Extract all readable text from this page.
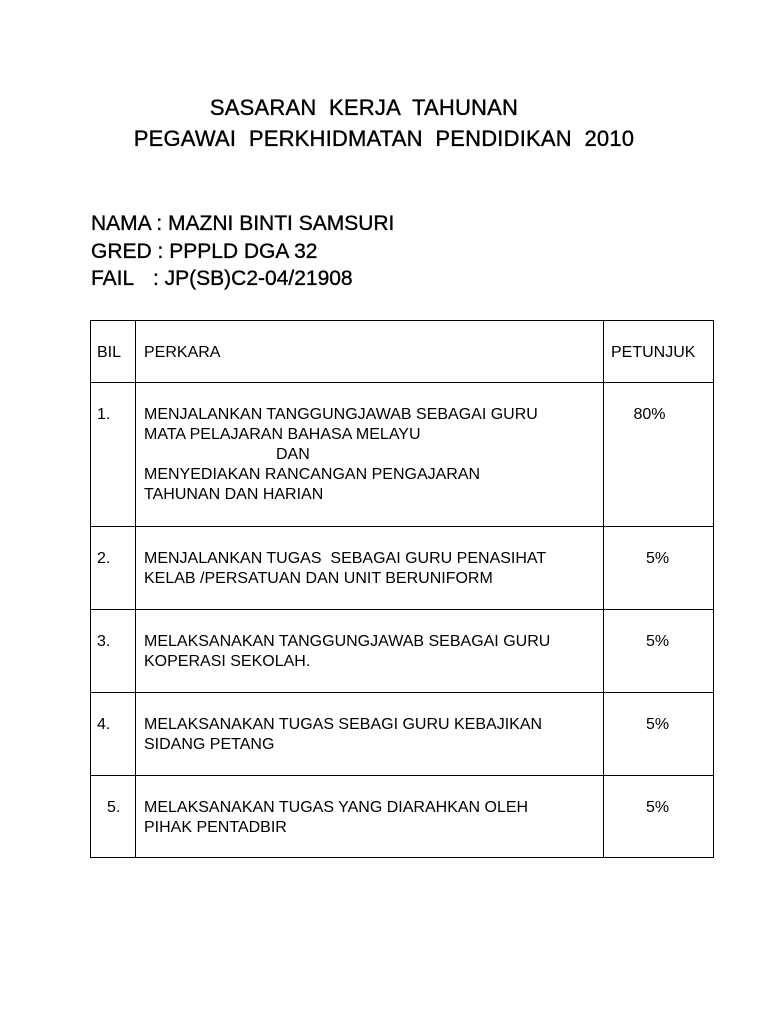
SASARAN  KERJA  TAHUNAN
PEGAWAI  PERKHIDMATAN  PENDIDIKAN  2010
NAMA : MAZNI BINTI SAMSURI
GRED : PPPLD DGA 32
FAIL : JP(SB)C2-04/21908
BIL	PERKARA	PETUNJUK

1.	MENJALANKAN TANGGUNGJAWAB SEBAGAI GURU
MATA PELAJARAN BAHASA MELAYU
DAN
MENYEDIAKAN RANCANGAN PENGAJARAN
TAHUNAN DAN HARIAN	80%

2.	MENJALANKAN TUGAS  SEBAGAI GURU PENASIHAT
KELAB /PERSATUAN DAN UNIT BERUNIFORM	5%

3.	MELAKSANAKAN TANGGUNGJAWAB SEBAGAI GURU
KOPERASI SEKOLAH.	5%

4.	MELAKSANAKAN TUGAS SEBAGI GURU KEBAJIKAN
SIDANG PETANG	5%

5.	MELAKSANAKAN TUGAS YANG DIARAHKAN OLEH
PIHAK PENTADBIR	5%
